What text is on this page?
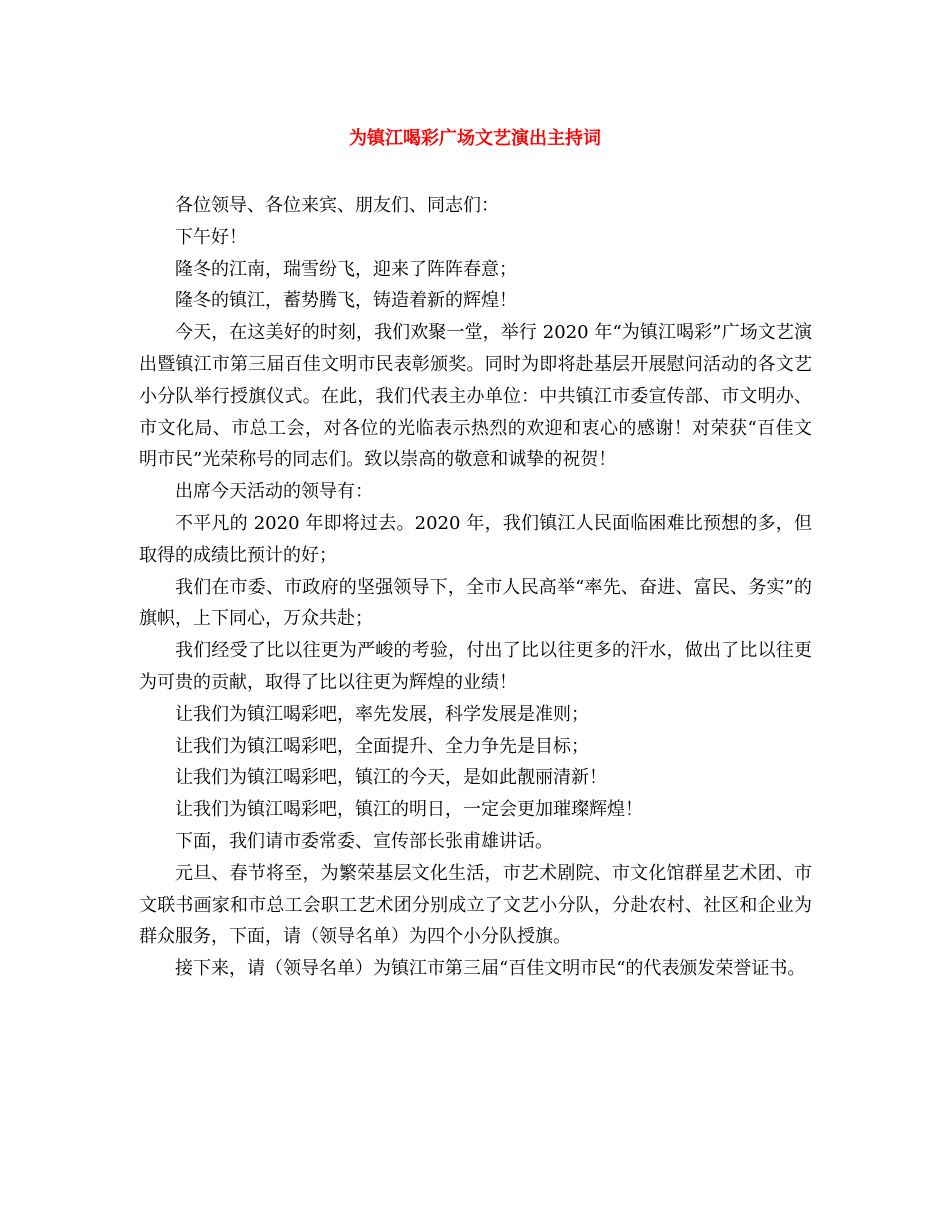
为镇江喝彩广场文艺演出主持词

各位领导、各位来宾、朋友们、同志们：

下午好！

隆冬的江南，瑞雪纷飞，迎来了阵阵春意；

隆冬的镇江，蓄势腾飞，铸造着新的辉煌！

今天，在这美好的时刻，我们欢聚一堂，举行 2020 年“为镇江喝彩”广场文艺演出暨镇江市第三届百佳文明市民表彰颁奖。同时为即将赴基层开展慰问活动的各文艺小分队举行授旗仪式。在此，我们代表主办单位：中共镇江市委宣传部、市文明办、市文化局、市总工会，对各位的光临表示热烈的欢迎和衷心的感谢！对荣获“百佳文明市民”光荣称号的同志们。致以崇高的敬意和诚挚的祝贺！

出席今天活动的领导有：

不平凡的 2020 年即将过去。2020 年，我们镇江人民面临困难比预想的多，但取得的成绩比预计的好；

我们在市委、市政府的坚强领导下，全市人民高举“率先、奋进、富民、务实”的旗帜，上下同心，万众共赴；

我们经受了比以往更为严峻的考验，付出了比以往更多的汗水，做出了比以往更为可贵的贡献，取得了比以往更为辉煌的业绩！

让我们为镇江喝彩吧，率先发展，科学发展是准则；

让我们为镇江喝彩吧，全面提升、全力争先是目标；

让我们为镇江喝彩吧，镇江的今天，是如此靓丽清新！

让我们为镇江喝彩吧，镇江的明日，一定会更加璀璨辉煌！

下面，我们请市委常委、宣传部长张甫雄讲话。

元旦、春节将至，为繁荣基层文化生活，市艺术剧院、市文化馆群星艺术团、市文联书画家和市总工会职工艺术团分别成立了文艺小分队，分赴农村、社区和企业为群众服务，下面，请（领导名单）为四个小分队授旗。

接下来，请（领导名单）为镇江市第三届“百佳文明市民“的代表颁发荣誉证书。
